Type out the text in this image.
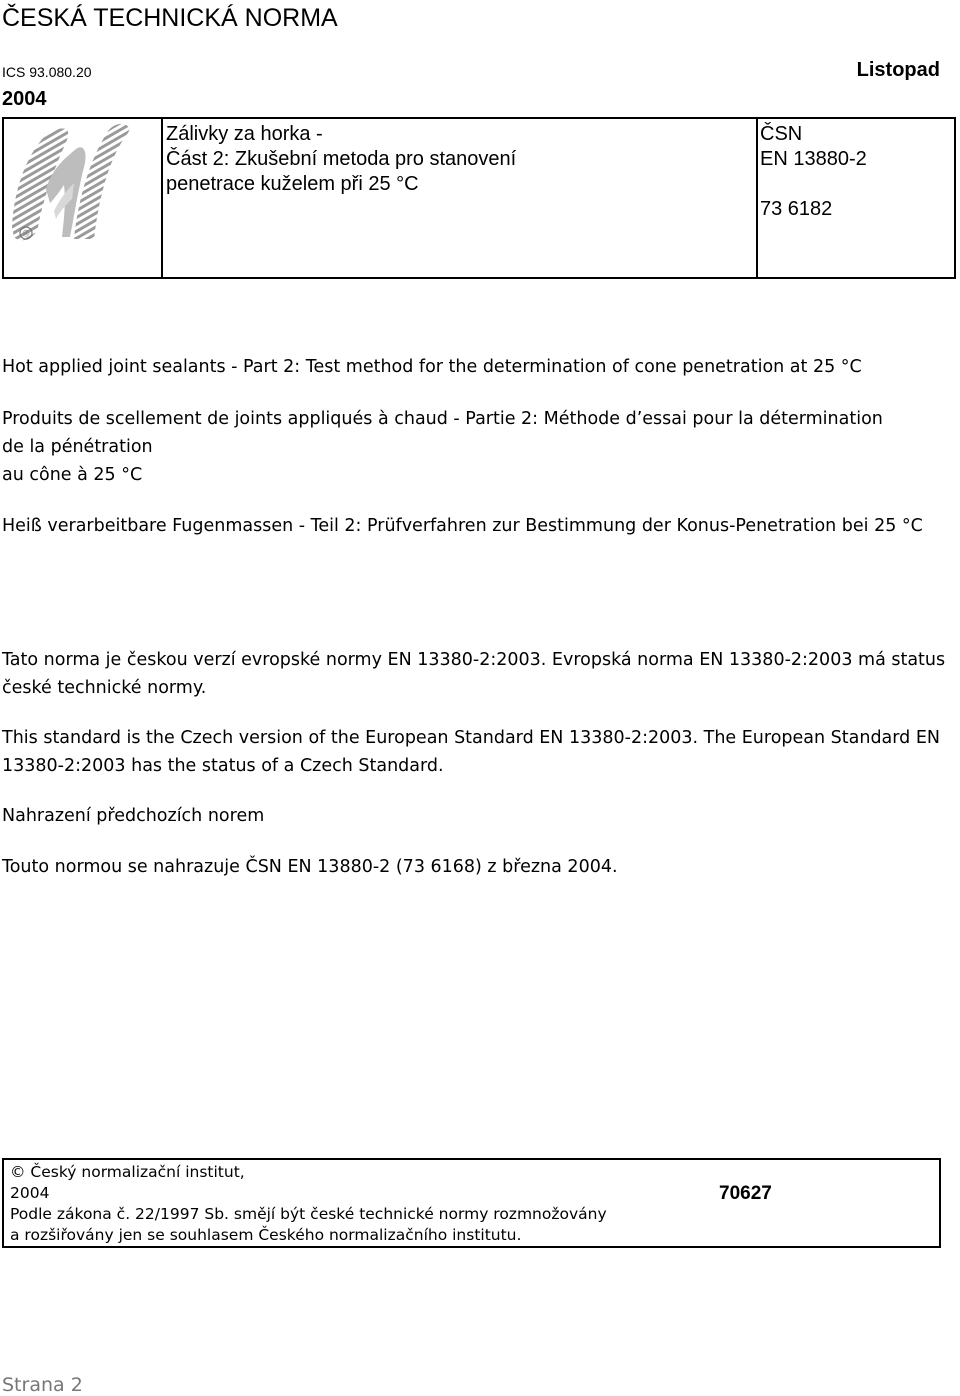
ČESKÁ TECHNICKÁ NORMA
ICS 93.080.20	Listopad
2004
®
Zálivky za horka -
Část 2: Zkušební metoda pro stanovení
penetrace kuželem při 25 °C
ČSN
EN 13880-2
73 6182
Hot applied joint sealants - Part 2: Test method for the determination of cone penetration at 25 °C
Produits de scellement de joints appliqués à chaud - Partie 2: Méthode d’essai pour la détermination
de la pénétration
au cône à 25 °C
Heiß verarbeitbare Fugenmassen - Teil 2: Prüfverfahren zur Bestimmung der Konus-Penetration bei 25 °C
Tato norma je českou verzí evropské normy EN 13380-2:2003. Evropská norma EN 13380-2:2003 má status české technické normy.
This standard is the Czech version of the European Standard EN 13380-2:2003. The European Standard EN 13380-2:2003 has the status of a Czech Standard.
Nahrazení předchozích norem
Touto normou se nahrazuje ČSN EN 13880-2 (73 6168) z března 2004.
© Český normalizační institut,
2004	70627
Podle zákona č. 22/1997 Sb. smějí být české technické normy rozmnožovány
a rozšiřovány jen se souhlasem Českého normalizačního institutu.
Strana 2
